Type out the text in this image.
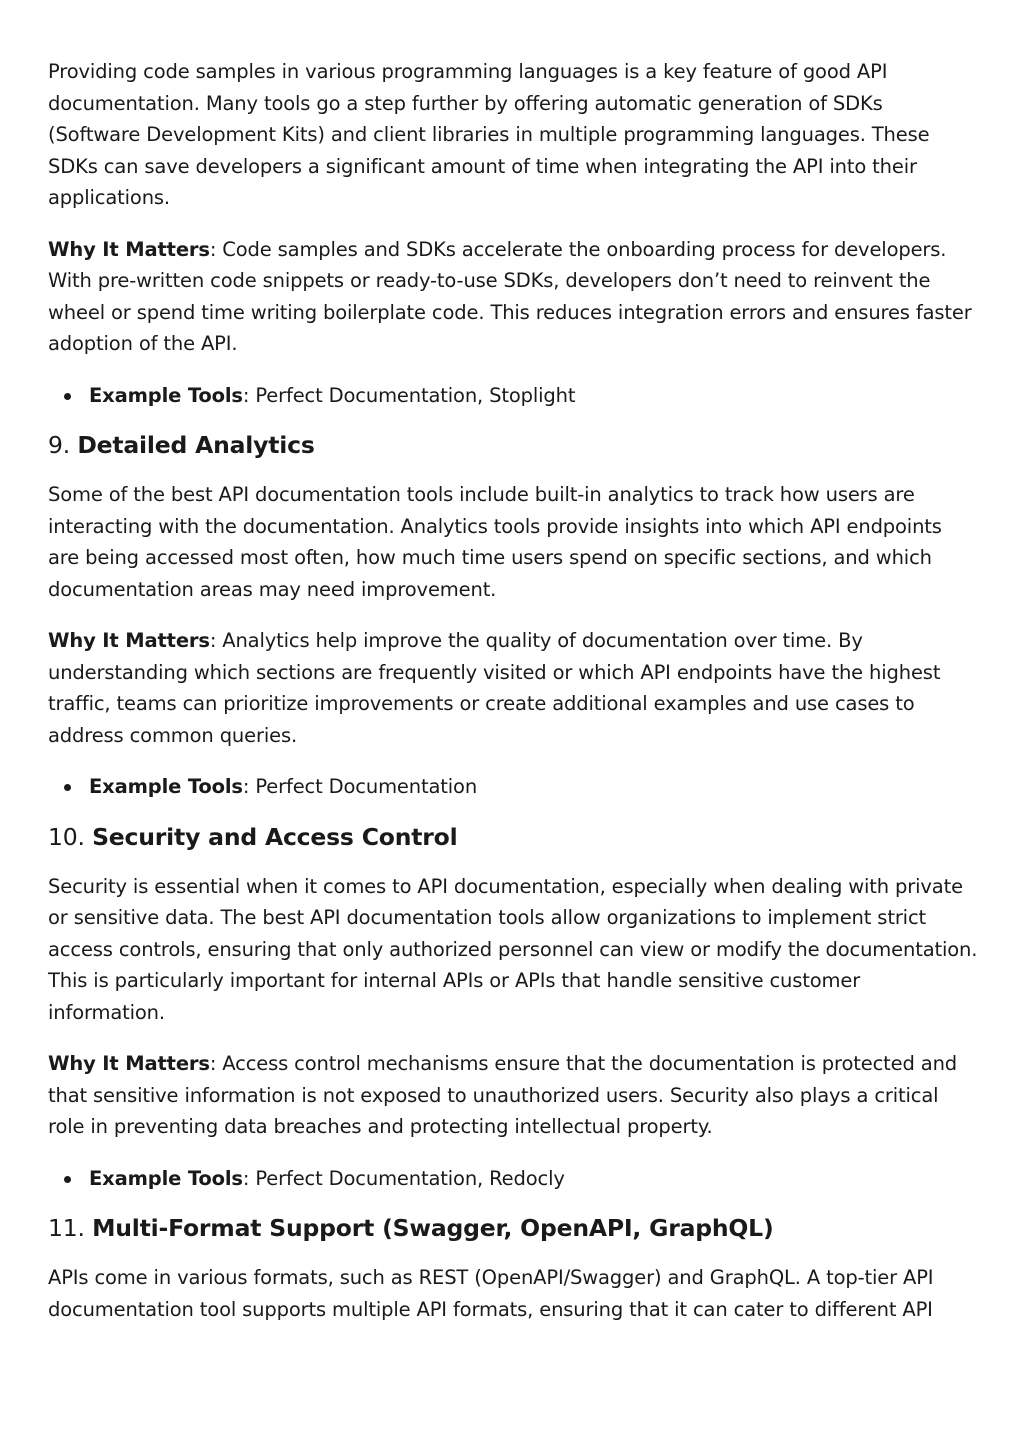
Providing code samples in various programming languages is a key feature of good API documentation. Many tools go a step further by offering automatic generation of SDKs (Software Development Kits) and client libraries in multiple programming languages. These SDKs can save developers a significant amount of time when integrating the API into their applications.

Why It Matters: Code samples and SDKs accelerate the onboarding process for developers. With pre-written code snippets or ready-to-use SDKs, developers don’t need to reinvent the wheel or spend time writing boilerplate code. This reduces integration errors and ensures faster adoption of the API.

Example Tools: Perfect Documentation, Stoplight
9. Detailed Analytics

Some of the best API documentation tools include built-in analytics to track how users are interacting with the documentation. Analytics tools provide insights into which API endpoints are being accessed most often, how much time users spend on specific sections, and which documentation areas may need improvement.

Why It Matters: Analytics help improve the quality of documentation over time. By understanding which sections are frequently visited or which API endpoints have the highest traffic, teams can prioritize improvements or create additional examples and use cases to address common queries.

Example Tools: Perfect Documentation
10. Security and Access Control

Security is essential when it comes to API documentation, especially when dealing with private or sensitive data. The best API documentation tools allow organizations to implement strict access controls, ensuring that only authorized personnel can view or modify the documentation. This is particularly important for internal APIs or APIs that handle sensitive customer information.

Why It Matters: Access control mechanisms ensure that the documentation is protected and that sensitive information is not exposed to unauthorized users. Security also plays a critical role in preventing data breaches and protecting intellectual property.

Example Tools: Perfect Documentation, Redocly
11. Multi-Format Support (Swagger, OpenAPI, GraphQL)

APIs come in various formats, such as REST (OpenAPI/Swagger) and GraphQL. A top-tier API documentation tool supports multiple API formats, ensuring that it can cater to different API
